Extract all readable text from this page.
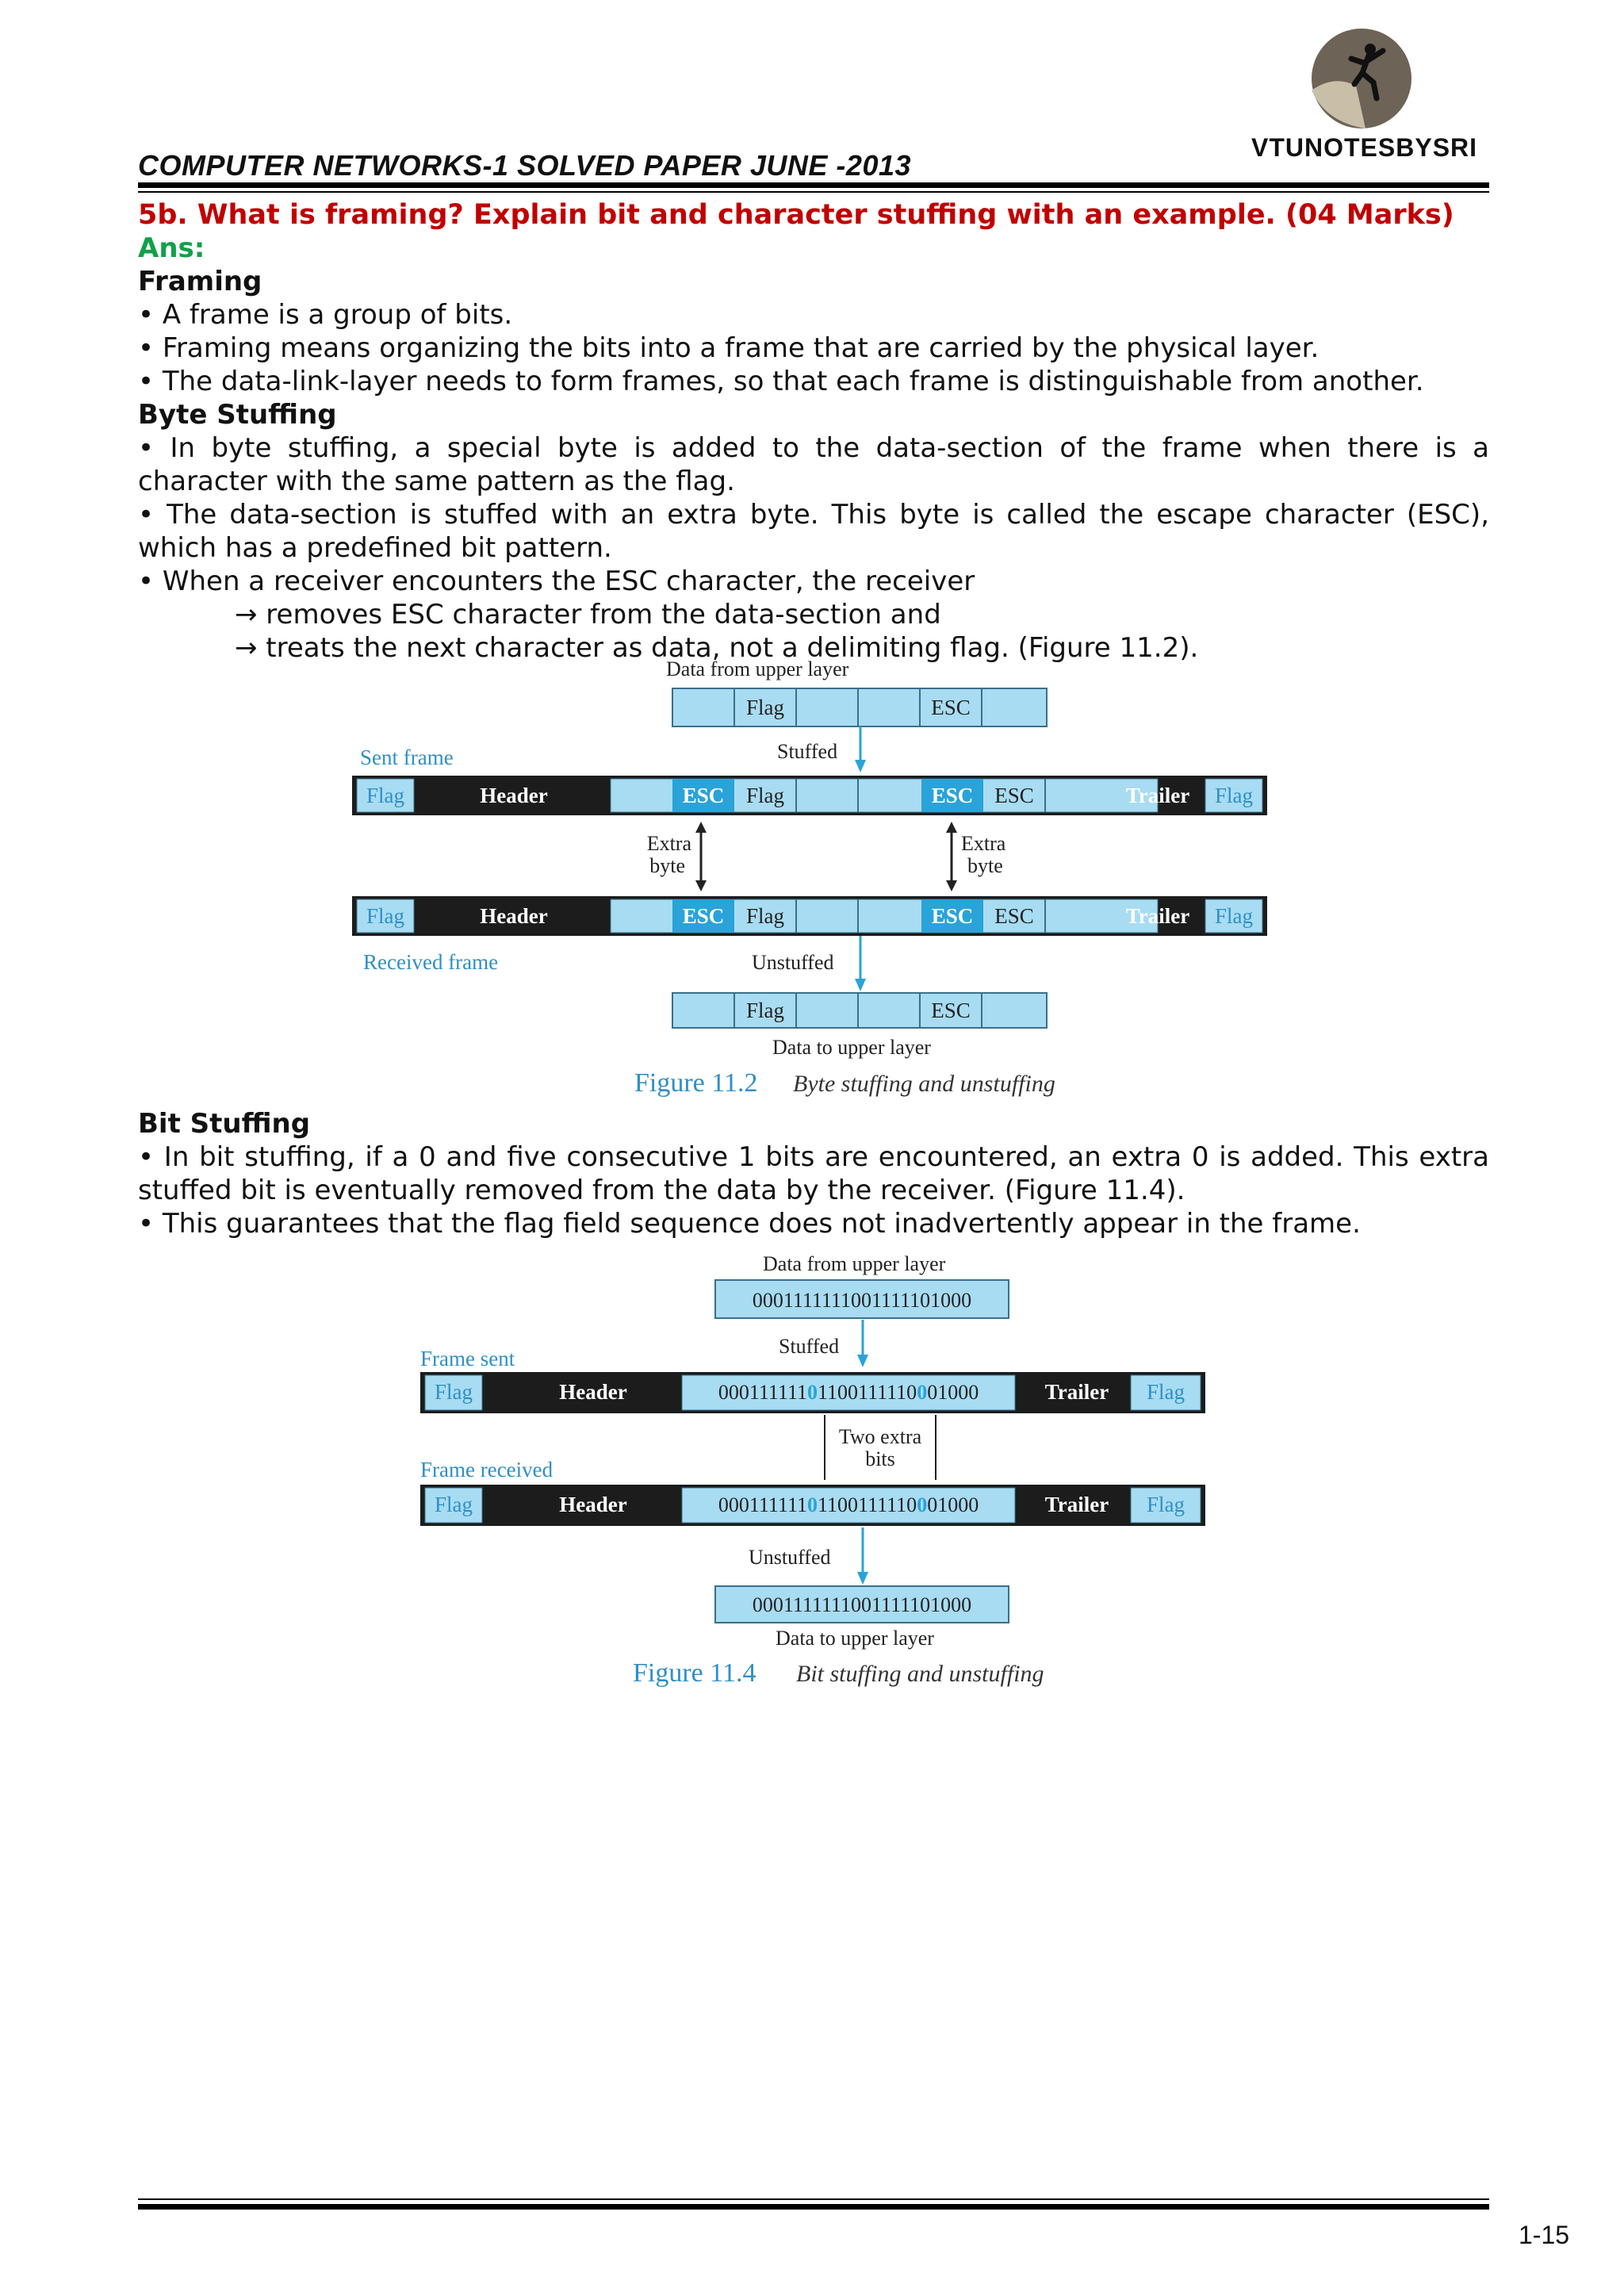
VTUNOTESBYSRI
COMPUTER NETWORKS-1 SOLVED PAPER JUNE -2013

5b. What is framing? Explain bit and character stuffing with an example. (04 Marks)

Ans:

Framing

• A frame is a group of bits.

• Framing means organizing the bits into a frame that are carried by the physical layer.

• The data-link-layer needs to form frames, so that each frame is distinguishable from another.

Byte Stuffing

• In byte stuffing, a special byte is added to the data-section of the frame when there is a character with the same pattern as the flag.

• The data-section is stuffed with an extra byte. This byte is called the escape character (ESC), which has a predefined bit pattern.

• When a receiver encounters the ESC character, the receiver

→ removes ESC character from the data-section and

→ treats the next character as data, not a delimiting flag. (Figure 11.2).

Data from upper layer
Flag	ESC
Stuffed
Sent frame
Flag	Header	ESC Flag	ESC ESC	Trailer Flag
Extra
byte
Extra
byte
Flag	Header	ESC Flag	ESC ESC	Trailer Flag
Received frame	Unstuffed
Flag	ESC
Data to upper layer
Figure 11.2 Byte stuffing and unstuffing

Bit Stuffing

• In bit stuffing, if a 0 and five consecutive 1 bits are encountered, an extra 0 is added. This extra stuffed bit is eventually removed from the data by the receiver. (Figure 11.4).

• This guarantees that the flag field sequence does not inadvertently appear in the frame.

Data from upper layer
0001111111001111101000
Stuffed
Frame sent
Flag	Header	00011111101100111110001000	Trailer Flag
Two extra
bits
Frame received
Flag	Header	00011111101100111110001000	Trailer Flag
Unstuffed
0001111111001111101000
Data to upper layer
Figure 11.4 Bit stuffing and unstuffing
1-15
